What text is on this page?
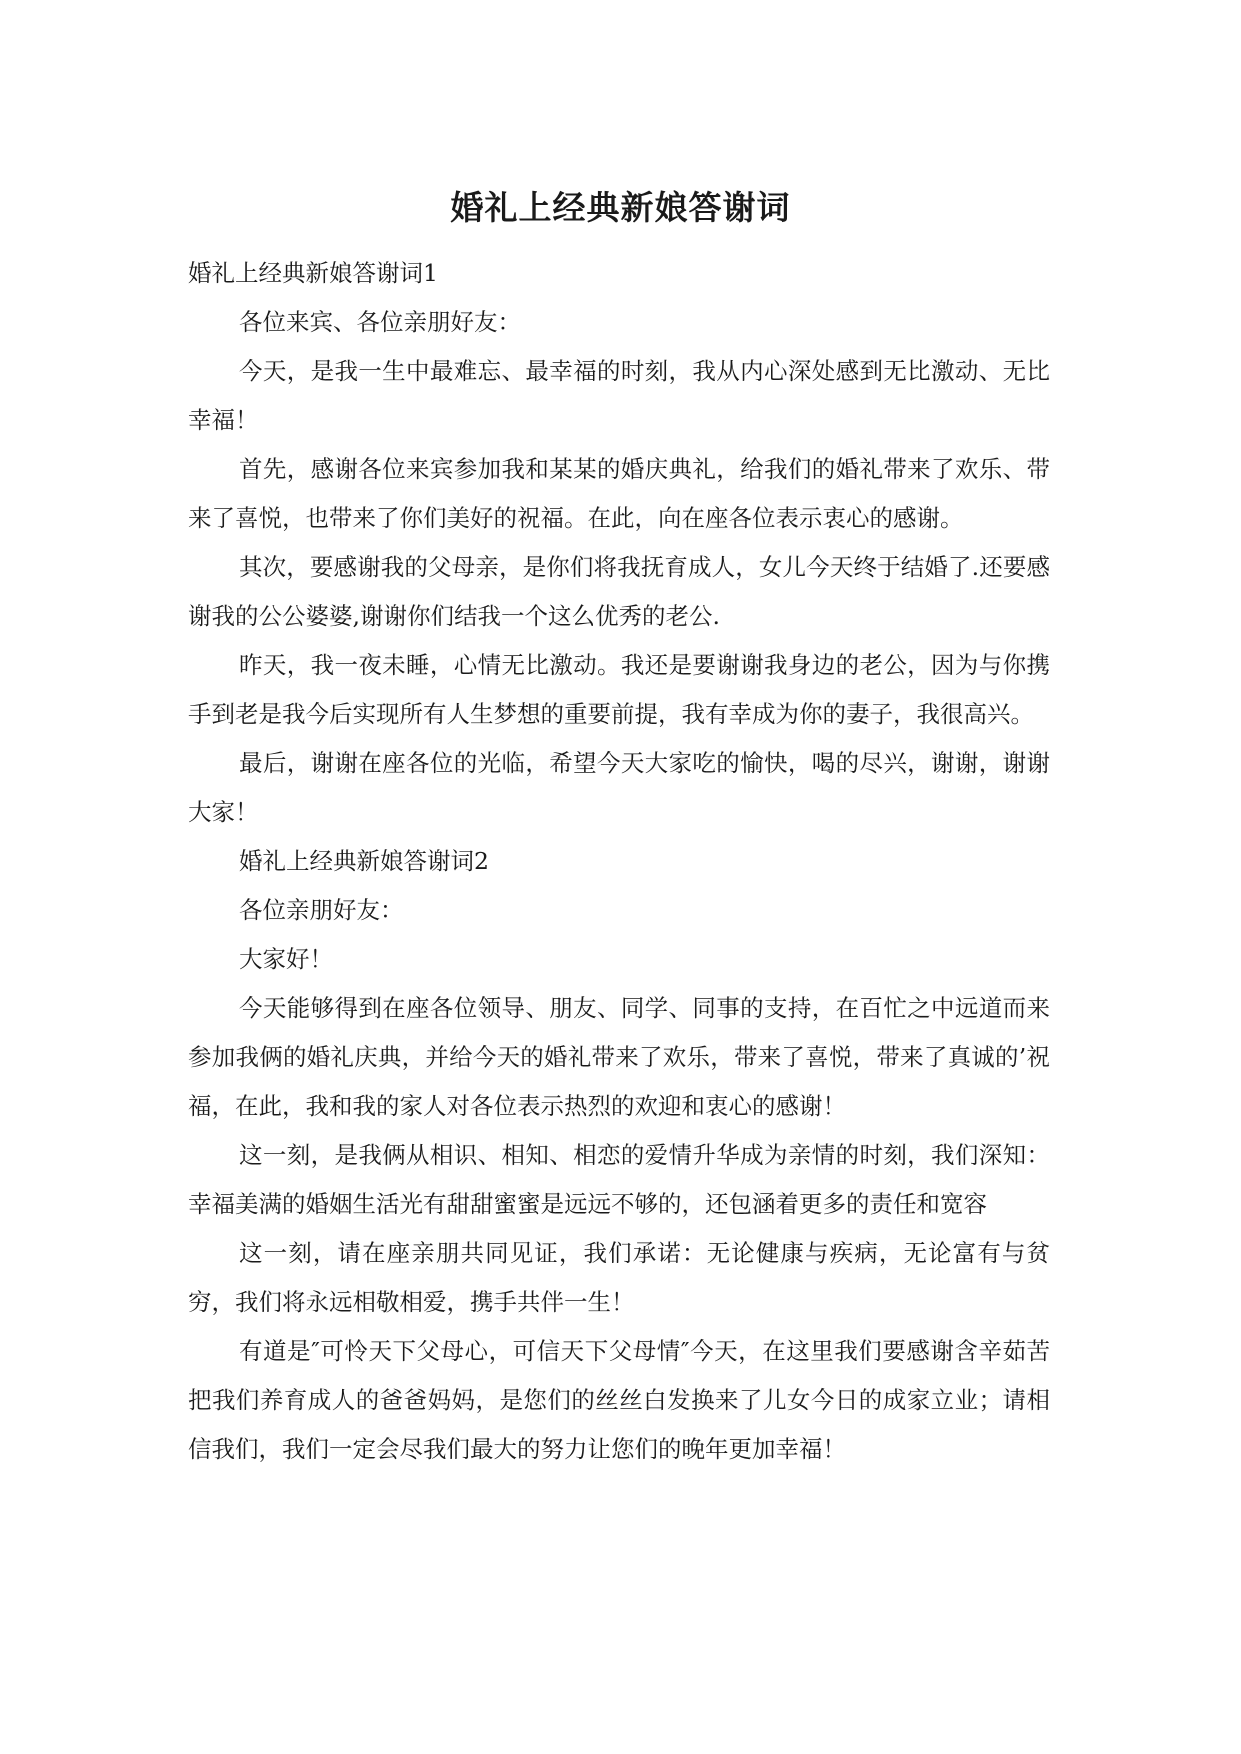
婚礼上经典新娘答谢词

婚礼上经典新娘答谢词1

各位来宾、各位亲朋好友：

今天，是我一生中最难忘、最幸福的时刻，我从内心深处感到无比激动、无比幸福！

首先，感谢各位来宾参加我和某某的婚庆典礼，给我们的婚礼带来了欢乐、带来了喜悦，也带来了你们美好的祝福。在此，向在座各位表示衷心的感谢。

其次，要感谢我的父母亲，是你们将我抚育成人，女儿今天终于结婚了.还要感谢我的公公婆婆,谢谢你们结我一个这么优秀的老公.

昨天，我一夜未睡，心情无比激动。我还是要谢谢我身边的老公，因为与你携手到老是我今后实现所有人生梦想的重要前提，我有幸成为你的妻子，我很高兴。

最后，谢谢在座各位的光临，希望今天大家吃的愉快，喝的尽兴，谢谢，谢谢大家！

婚礼上经典新娘答谢词2

各位亲朋好友：

大家好！

今天能够得到在座各位领导、朋友、同学、同事的支持，在百忙之中远道而来参加我俩的婚礼庆典，并给今天的婚礼带来了欢乐，带来了喜悦，带来了真诚的’祝福，在此，我和我的家人对各位表示热烈的欢迎和衷心的感谢！

这一刻，是我俩从相识、相知、相恋的爱情升华成为亲情的时刻，我们深知：幸福美满的婚姻生活光有甜甜蜜蜜是远远不够的，还包涵着更多的责任和宽容

这一刻，请在座亲朋共同见证，我们承诺：无论健康与疾病，无论富有与贫穷，我们将永远相敬相爱，携手共伴一生！

有道是″可怜天下父母心，可信天下父母情″今天，在这里我们要感谢含辛茹苦把我们养育成人的爸爸妈妈，是您们的丝丝白发换来了儿女今日的成家立业；请相信我们，我们一定会尽我们最大的努力让您们的晚年更加幸福！
